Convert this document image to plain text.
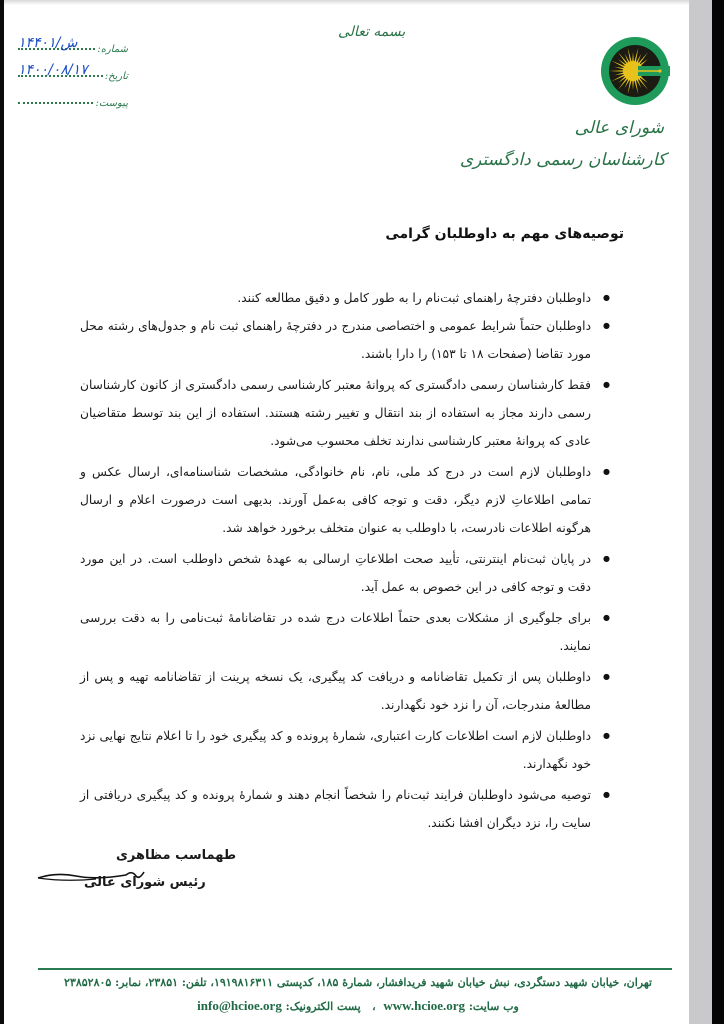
شماره:
۱۴۴۰۱/ش
تاریخ:
۱۴۰۰/۰۸/۱۷
پیوست:
بسمه تعالی
شورای عالی
کارشناسان رسمی دادگستری
توصیه‌های مهم به داوطلبان گرامی
● داوطلبان دفترچهٔ راهنمای ثبت‌نام را به طور کامل و دقیق مطالعه کنند.
● داوطلبان حتماً شرایط عمومی و اختصاصی مندرج در دفترچهٔ راهنمای ثبت نام و جدول‌های رشته محل مورد تقاضا (صفحات ۱۸ تا ۱۵۳) را دارا باشند.
● فقط کارشناسان رسمی دادگستری که پروانهٔ معتبر کارشناسی رسمی دادگستری از کانون کارشناسان رسمی دارند مجاز به استفاده از بند انتقال و تغییر رشته هستند. استفاده از این بند توسط متقاضیان عادی که پروانهٔ معتبر کارشناسی ندارند تخلف محسوب می‌شود.
● داوطلبان لازم است در درج کد ملی، نام، نام خانوادگی، مشخصات شناسنامه‌ای، ارسال عکس و تمامی اطلاعاتِ لازم دیگر، دقت و توجه کافی به‌عمل آورند. بدیهی است درصورت اعلام و ارسال هرگونه اطلاعات نادرست، با داوطلب به عنوان متخلف برخورد خواهد شد.
● در پایان ثبت‌نام اینترنتی، تأیید صحت اطلاعاتِ ارسالی به عهدهٔ شخص داوطلب است. در این مورد دقت و توجه کافی در این خصوص به عمل آید.
● برای جلوگیری از مشکلات بعدی حتماً اطلاعات درج شده در تقاضانامهٔ ثبت‌نامی را به دقت بررسی نمایند.
● داوطلبان پس از تکمیل تقاضانامه و دریافت کد پیگیری، یک نسخه پرینت از تقاضانامه تهیه و پس از مطالعهٔ مندرجات، آن را نزد خود نگهدارند.
● داوطلبان لازم است اطلاعات کارت اعتباری، شمارهٔ پرونده و کد پیگیری خود را تا اعلام نتایج نهایی نزد خود نگهدارند.
● توصیه می‌شود داوطلبان فرایند ثبت‌نام را شخصاً انجام دهند و شمارهٔ پرونده و کد پیگیری دریافتی از سایت را، نزد دیگران افشا نکنند.
طهماسب مظاهری
رئیس شورای عالی
تهران، خیابان شهید دستگردی، نبش خیابان شهید فریدافشار، شمارهٔ ۱۸۵، کدپستی ۱۹۱۹۸۱۶۳۱۱، تلفن: ۲۳۸۵۱، نمابر: ۲۳۸۵۲۸۰۵
وب سایت: www.hcioe.org  ،   پست الکترونیک: info@hcioe.org
